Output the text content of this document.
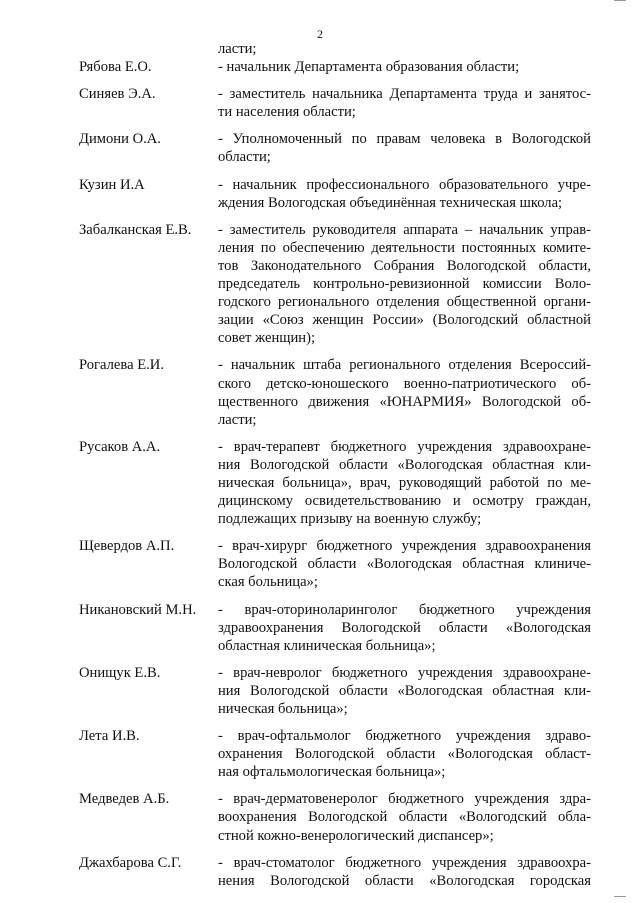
2
ласти;
Рябова Е.О.	- начальник Департамента образования области;
Синяев Э.А.	- заместитель начальника Департамента труда и занятос-
ти населения области;
Димони О.А.	- Уполномоченный по правам человека в Вологодской
области;
Кузин И.А	- начальник профессионального образовательного учре-
ждения Вологодская объединённая техническая школа;
Забалканская Е.В.	- заместитель руководителя аппарата – начальник управ-
ления по обеспечению деятельности постоянных комите-
тов Законодательного Собрания Вологодской области,
председатель контрольно-ревизионной комиссии Воло-
годского регионального отделения общественной органи-
зации «Союз женщин России» (Вологодский областной
совет женщин);
Рогалева Е.И.	- начальник штаба регионального отделения Всероссий-
ского детско-юношеского военно-патриотического об-
щественного движения «ЮНАРМИЯ» Вологодской об-
ласти;
Русаков А.А.	- врач-терапевт бюджетного учреждения здравоохране-
ния Вологодской области «Вологодская областная кли-
ническая больница», врач, руководящий работой по ме-
дицинскому освидетельствованию и осмотру граждан,
подлежащих призыву на военную службу;
Щевердов А.П.	- врач-хирург бюджетного учреждения здравоохранения
Вологодской области «Вологодская областная клиниче-
ская больница»;
Никановский М.Н.	- врач-оториноларинголог бюджетного учреждения
здравоохранения Вологодской области «Вологодская
областная клиническая больница»;
Онищук Е.В.	- врач-невролог бюджетного учреждения здравоохране-
ния Вологодской области «Вологодская областная кли-
ническая больница»;
Лета И.В.	- врач-офтальмолог бюджетного учреждения здраво-
охранения Вологодской области «Вологодская област-
ная офтальмологическая больница»;
Медведев А.Б.	- врач-дерматовенеролог бюджетного учреждения здра-
воохранения Вологодской области «Вологодский обла-
стной кожно-венерологический диспансер»;
Джахбарова С.Г.	- врач-стоматолог бюджетного учреждения здравоохра-
нения Вологодской области «Вологодская городская
